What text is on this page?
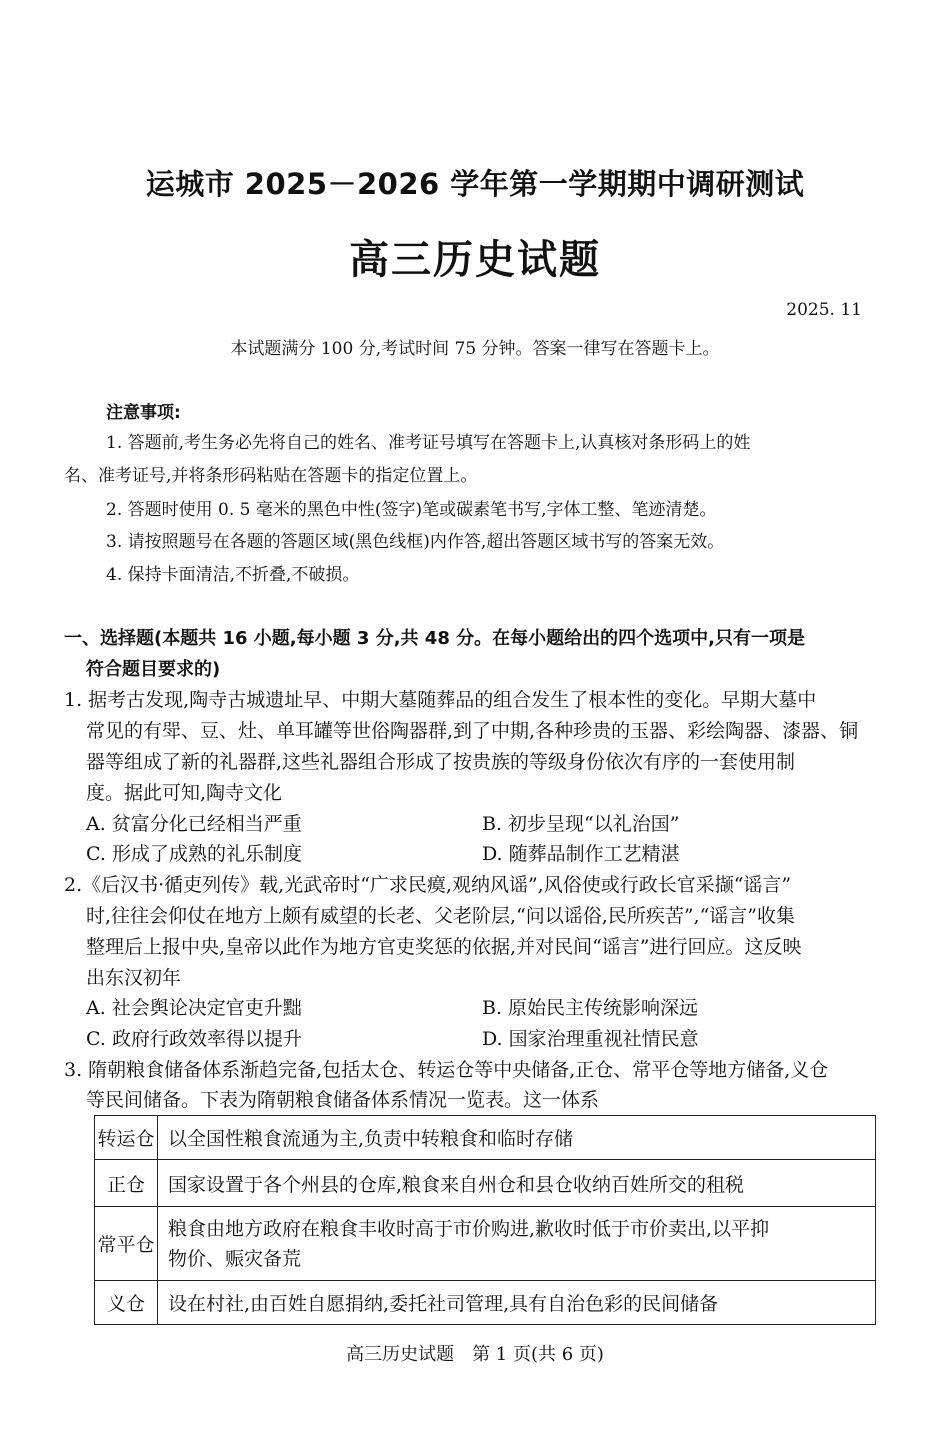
运城市 2025－2026 学年第一学期期中调研测试
高三历史试题
2025. 11
本试题满分 100 分,考试时间 75 分钟。答案一律写在答题卡上。
注意事项:
1. 答题前,考生务必先将自己的姓名、准考证号填写在答题卡上,认真核对条形码上的姓
名、准考证号,并将条形码粘贴在答题卡的指定位置上。
2. 答题时使用 0. 5 毫米的黑色中性(签字)笔或碳素笔书写,字体工整、笔迹清楚。
3. 请按照题号在各题的答题区域(黑色线框)内作答,超出答题区域书写的答案无效。
4. 保持卡面清洁,不折叠,不破损。
一、选择题(本题共 16 小题,每小题 3 分,共 48 分。在每小题给出的四个选项中,只有一项是
符合题目要求的)
1. 据考古发现,陶寺古城遗址早、中期大墓随葬品的组合发生了根本性的变化。早期大墓中
常见的有斝、豆、灶、单耳罐等世俗陶器群,到了中期,各种珍贵的玉器、彩绘陶器、漆器、铜
器等组成了新的礼器群,这些礼器组合形成了按贵族的等级身份依次有序的一套使用制
度。据此可知,陶寺文化
A. 贫富分化已经相当严重	B. 初步呈现“以礼治国”
C. 形成了成熟的礼乐制度	D. 随葬品制作工艺精湛
2.《后汉书·循吏列传》载,光武帝时“广求民瘼,观纳风谣”,风俗使或行政长官采撷“谣言”
时,往往会仰仗在地方上颇有威望的长老、父老阶层,“问以谣俗,民所疾苦”,“谣言”收集
整理后上报中央,皇帝以此作为地方官吏奖惩的依据,并对民间“谣言”进行回应。这反映
出东汉初年
A. 社会舆论决定官吏升黜	B. 原始民主传统影响深远
C. 政府行政效率得以提升	D. 国家治理重视社情民意
3. 隋朝粮食储备体系渐趋完备,包括太仓、转运仓等中央储备,正仓、常平仓等地方储备,义仓
等民间储备。下表为隋朝粮食储备体系情况一览表。这一体系
转运仓	以全国性粮食流通为主,负责中转粮食和临时存储
正仓	国家设置于各个州县的仓库,粮食来自州仓和县仓收纳百姓所交的租税
常平仓	粮食由地方政府在粮食丰收时高于市价购进,歉收时低于市价卖出,以平抑
物价、赈灾备荒

义仓	设在村社,由百姓自愿捐纳,委托社司管理,具有自治色彩的民间储备
高三历史试题　第 1 页(共 6 页)
